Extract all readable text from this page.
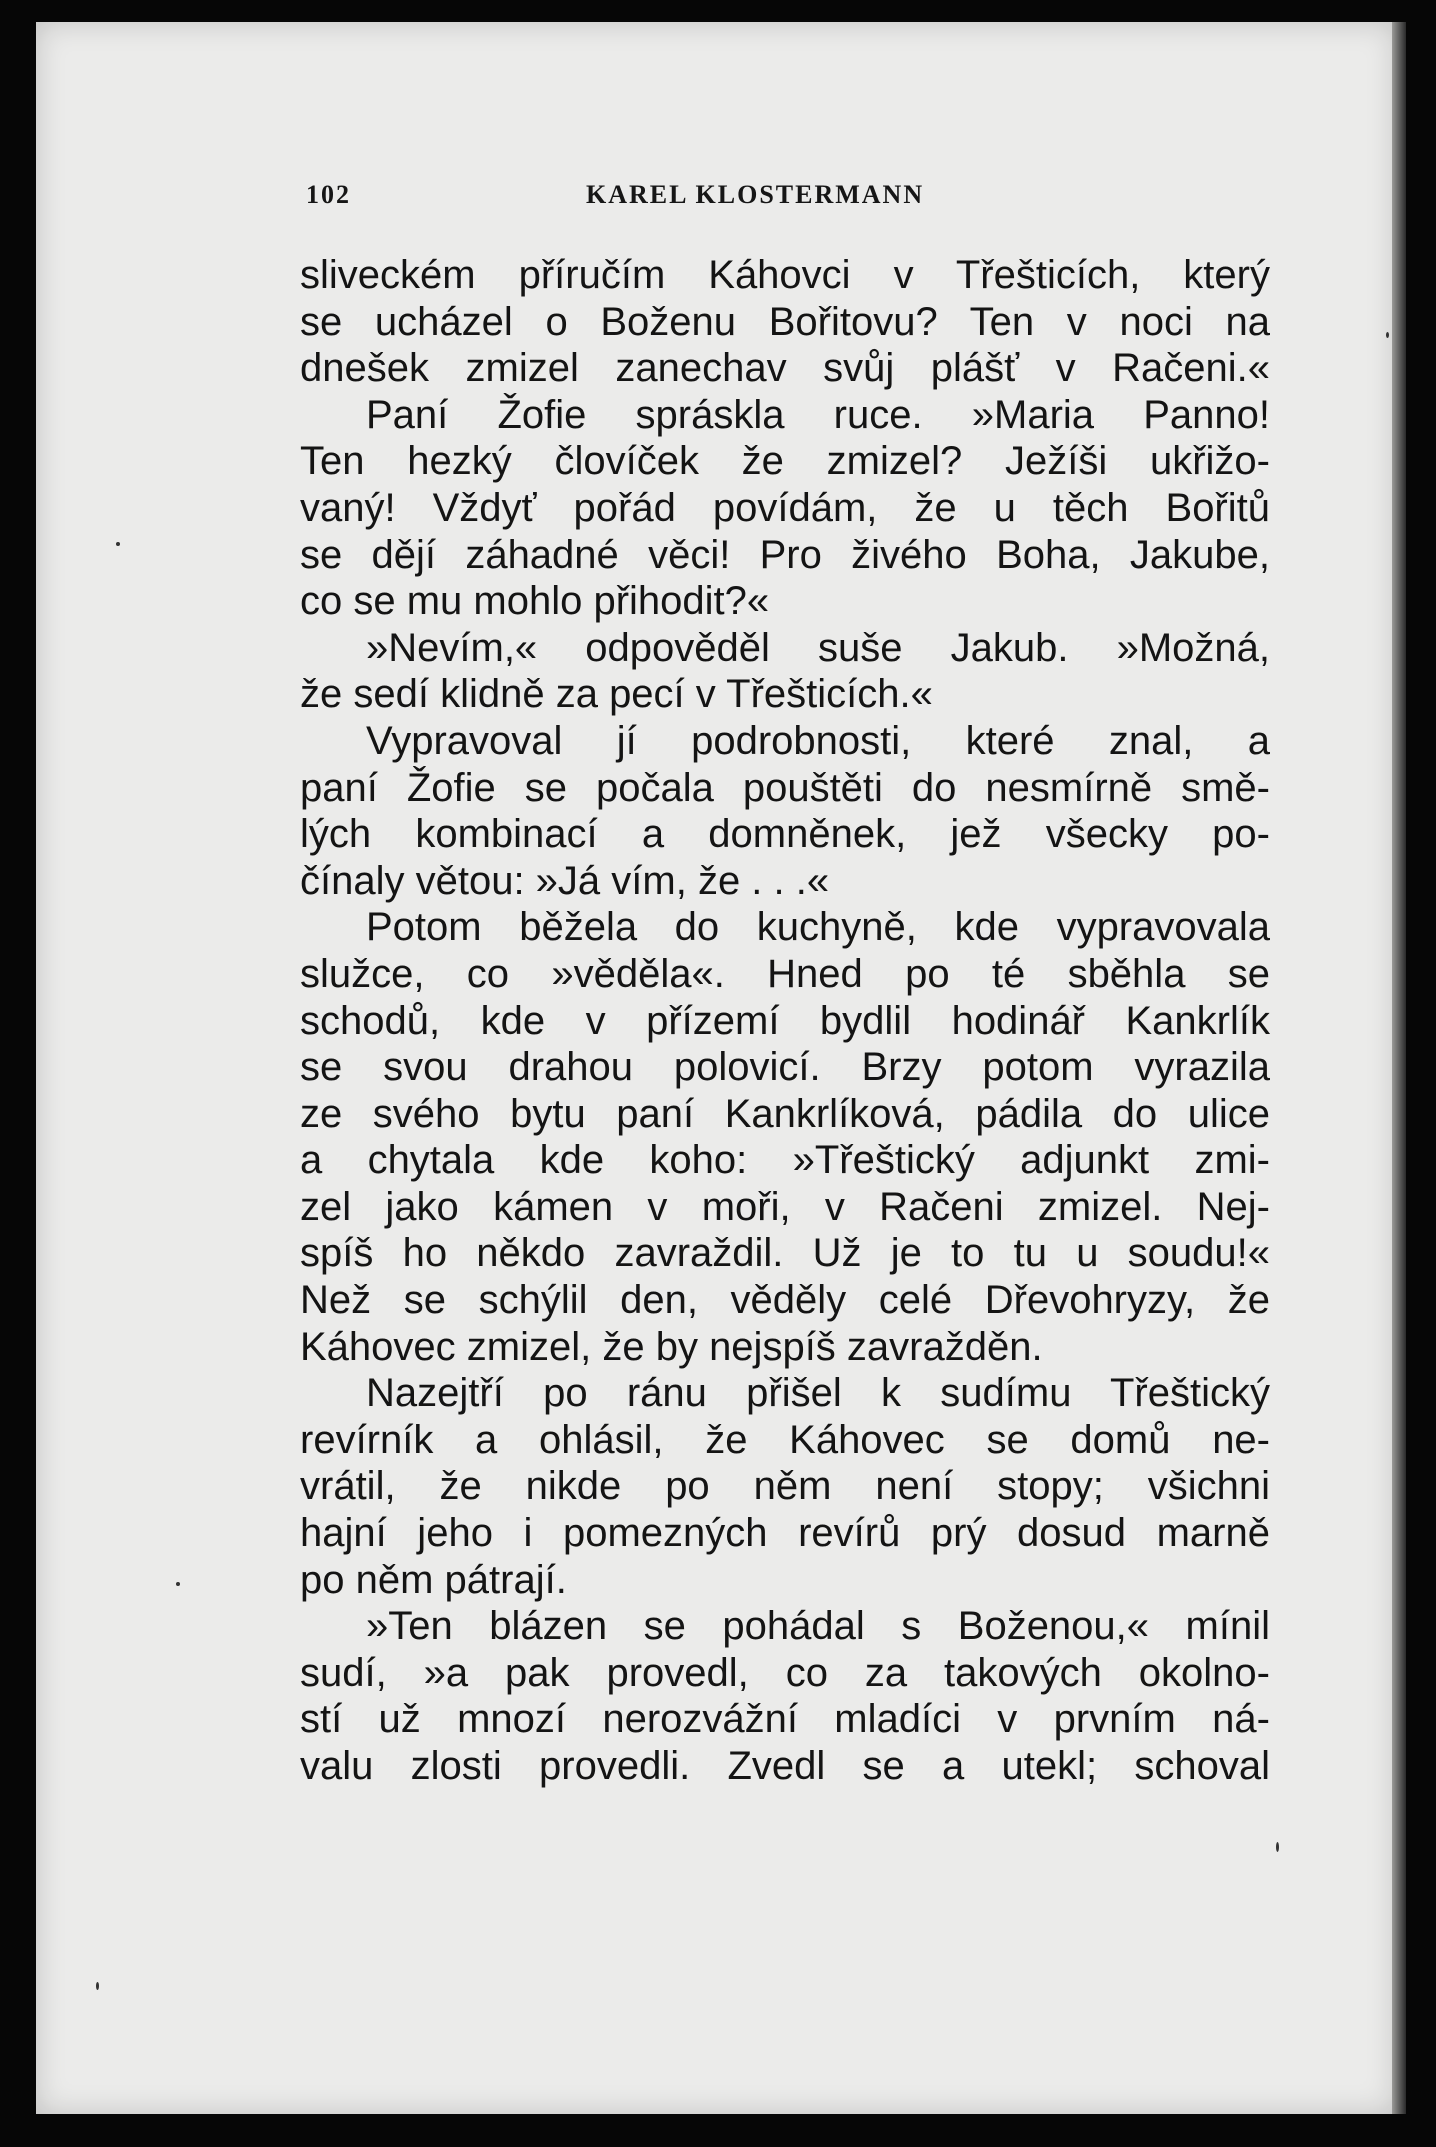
102	KAREL KLOSTERMANN
sliveckém příručím Káhovci v Třešticích, který
se ucházel o Boženu Bořitovu? Ten v noci na
dnešek zmizel zanechav svůj plášť v Račeni.«
Paní Žofie spráskla ruce. »Maria Panno!
Ten hezký človíček že zmizel? Ježíši ukřižo-
vaný! Vždyť pořád povídám, že u těch Bořitů
se dějí záhadné věci! Pro živého Boha, Jakube,
co se mu mohlo přihodit?«
»Nevím,« odpověděl suše Jakub. »Možná,
že sedí klidně za pecí v Třešticích.«
Vypravoval jí podrobnosti, které znal, a
paní Žofie se počala pouštěti do nesmírně smě-
lých kombinací a domněnek, jež všecky po-
čínaly větou: »Já vím, že . . .«
Potom běžela do kuchyně, kde vypravovala
služce, co »věděla«. Hned po té sběhla se
schodů, kde v přízemí bydlil hodinář Kankrlík
se svou drahou polovicí. Brzy potom vyrazila
ze svého bytu paní Kankrlíková, pádila do ulice
a chytala kde koho: »Třeštický adjunkt zmi-
zel jako kámen v moři, v Račeni zmizel. Nej-
spíš ho někdo zavraždil. Už je to tu u soudu!«
Než se schýlil den, věděly celé Dřevohryzy, že
Káhovec zmizel, že by nejspíš zavražděn.
Nazejtří po ránu přišel k sudímu Třeštický
revírník a ohlásil, že Káhovec se domů ne-
vrátil, že nikde po něm není stopy; všichni
hajní jeho i pomezných revírů prý dosud marně
po něm pátrají.
»Ten blázen se pohádal s Boženou,« mínil
sudí, »a pak provedl, co za takových okolno-
stí už mnozí nerozvážní mladíci v prvním ná-
valu zlosti provedli. Zvedl se a utekl; schoval
